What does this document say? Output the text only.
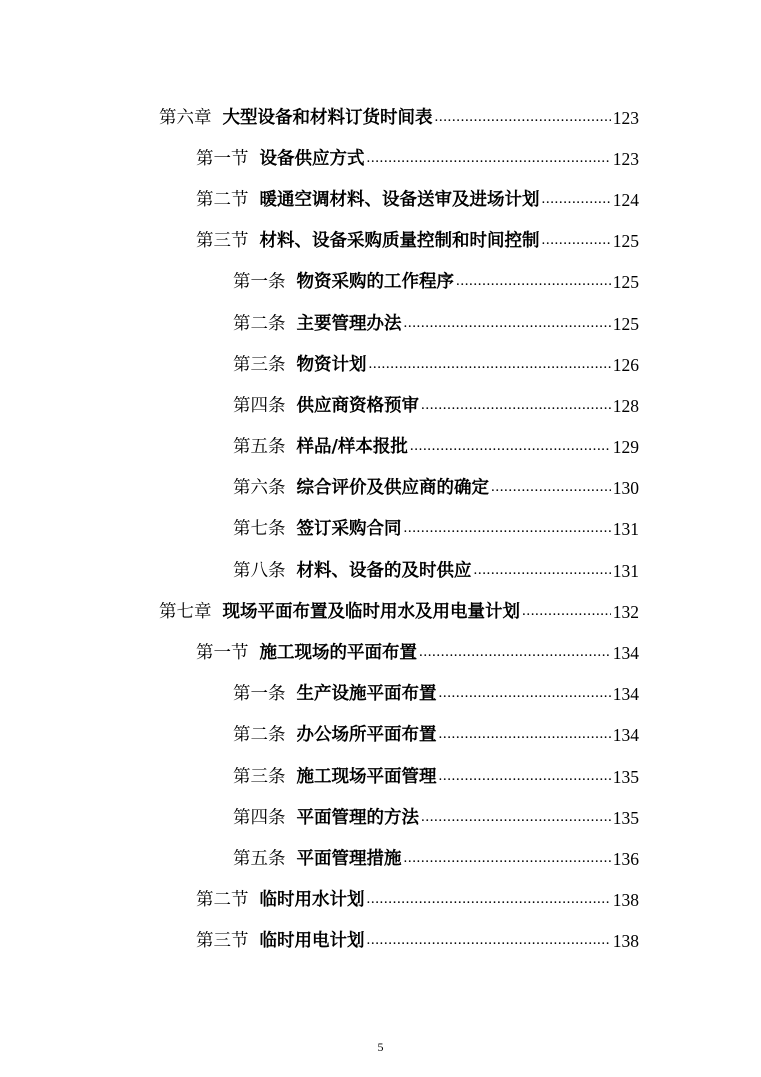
第六章 大型设备和材料订货时间表 .....	123
第一节 设备供应方式 .....	123
第二节 暖通空调材料、设备送审及进场计划 .....	124
第三节 材料、设备采购质量控制和时间控制 .....	125
第一条 物资采购的工作程序 .....	125
第二条 主要管理办法 .....	125
第三条 物资计划 .....	126
第四条 供应商资格预审 .....	128
第五条 样品/样本报批 .....	129
第六条 综合评价及供应商的确定 .....	130
第七条 签订采购合同 .....	131
第八条 材料、设备的及时供应 .....	131
第七章 现场平面布置及临时用水及用电量计划 .....	132
第一节 施工现场的平面布置 .....	134
第一条 生产设施平面布置 .....	134
第二条 办公场所平面布置 .....	134
第三条 施工现场平面管理 .....	135
第四条 平面管理的方法 .....	135
第五条 平面管理措施 .....	136
第二节 临时用水计划 .....	138
第三节 临时用电计划 .....	138
5
